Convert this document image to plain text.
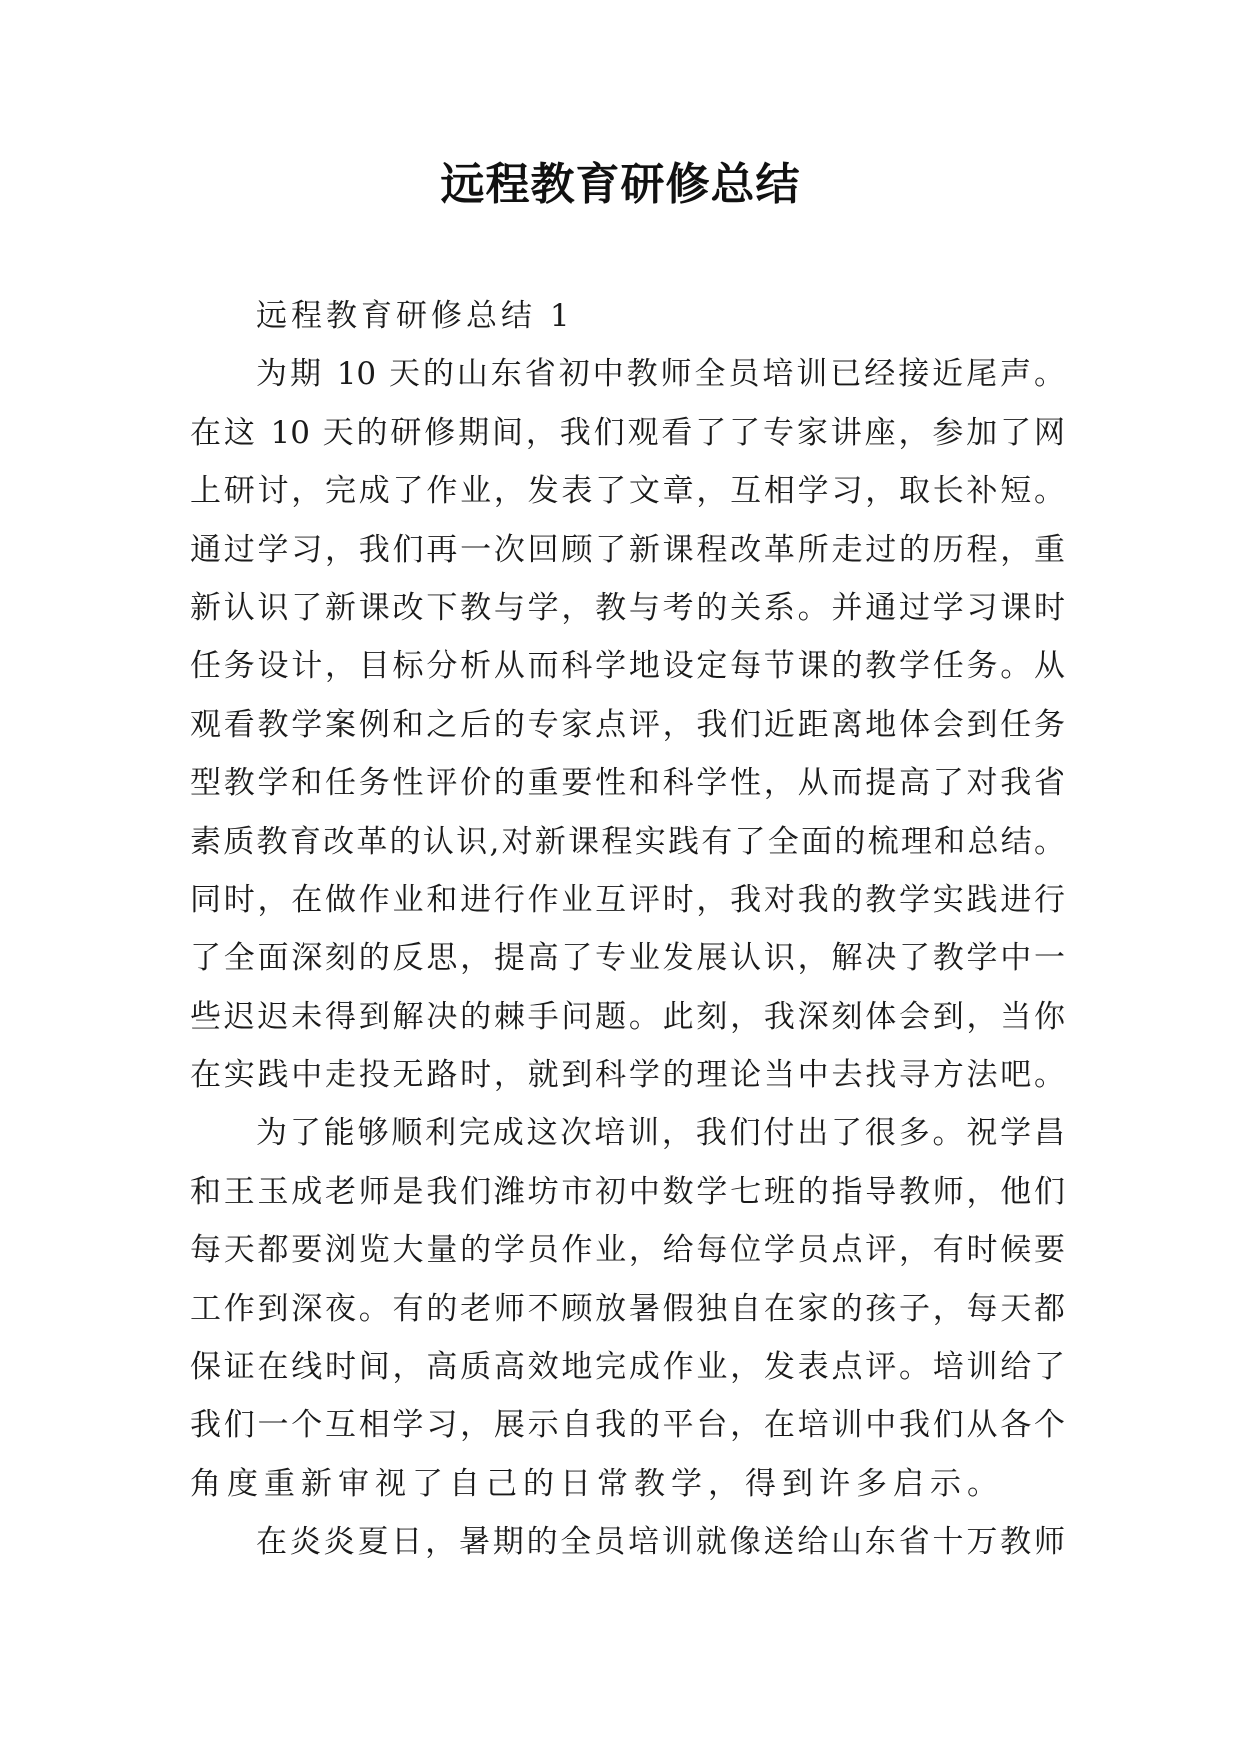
远程教育研修总结
远程教育研修总结 1
为期 10 天的山东省初中教师全员培训已经接近尾声。
在这 10 天的研修期间，我们观看了了专家讲座，参加了网
上研讨，完成了作业，发表了文章，互相学习，取长补短。
通过学习，我们再一次回顾了新课程改革所走过的历程，重
新认识了新课改下教与学，教与考的关系。并通过学习课时
任务设计，目标分析从而科学地设定每节课的教学任务。从
观看教学案例和之后的专家点评，我们近距离地体会到任务
型教学和任务性评价的重要性和科学性，从而提高了对我省
素质教育改革的认识,对新课程实践有了全面的梳理和总结。
同时，在做作业和进行作业互评时，我对我的教学实践进行
了全面深刻的反思，提高了专业发展认识，解决了教学中一
些迟迟未得到解决的棘手问题。此刻，我深刻体会到，当你
在实践中走投无路时，就到科学的理论当中去找寻方法吧。
为了能够顺利完成这次培训，我们付出了很多。祝学昌
和王玉成老师是我们潍坊市初中数学七班的指导教师，他们
每天都要浏览大量的学员作业，给每位学员点评，有时候要
工作到深夜。有的老师不顾放暑假独自在家的孩子，每天都
保证在线时间，高质高效地完成作业，发表点评。培训给了
我们一个互相学习，展示自我的平台，在培训中我们从各个
角度重新审视了自己的日常教学，得到许多启示。
在炎炎夏日，暑期的全员培训就像送给山东省十万教师
